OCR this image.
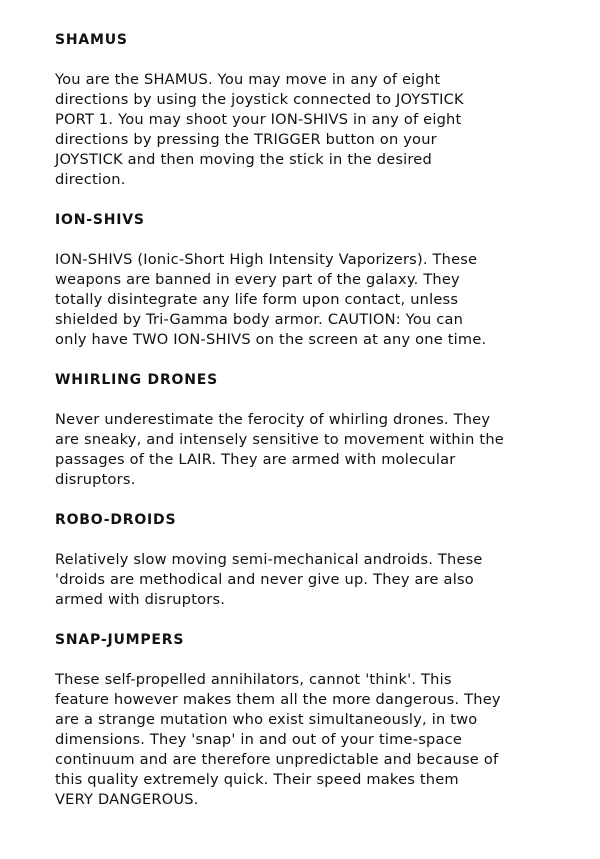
SHAMUS
You are the SHAMUS. You may move in any of eight
directions by using the joystick connected to JOYSTICK
PORT 1. You may shoot your ION-SHIVS in any of eight
directions by pressing the TRIGGER button on your
JOYSTICK and then moving the stick in the desired
direction.
ION-SHIVS
ION-SHIVS (Ionic-Short High Intensity Vaporizers). These
weapons are banned in every part of the galaxy. They
totally disintegrate any life form upon contact, unless
shielded by Tri-Gamma body armor. CAUTION: You can
only have TWO ION-SHIVS on the screen at any one time.
WHIRLING DRONES
Never underestimate the ferocity of whirling drones. They
are sneaky, and intensely sensitive to movement within the
passages of the LAIR. They are armed with molecular
disruptors.
ROBO-DROIDS
Relatively slow moving semi-mechanical androids. These
'droids are methodical and never give up. They are also
armed with disruptors.
SNAP-JUMPERS
These self-propelled annihilators, cannot 'think'. This
feature however makes them all the more dangerous. They
are a strange mutation who exist simultaneously, in two
dimensions. They 'snap' in and out of your time-space
continuum and are therefore unpredictable and because of
this quality extremely quick. Their speed makes them
VERY DANGEROUS.
